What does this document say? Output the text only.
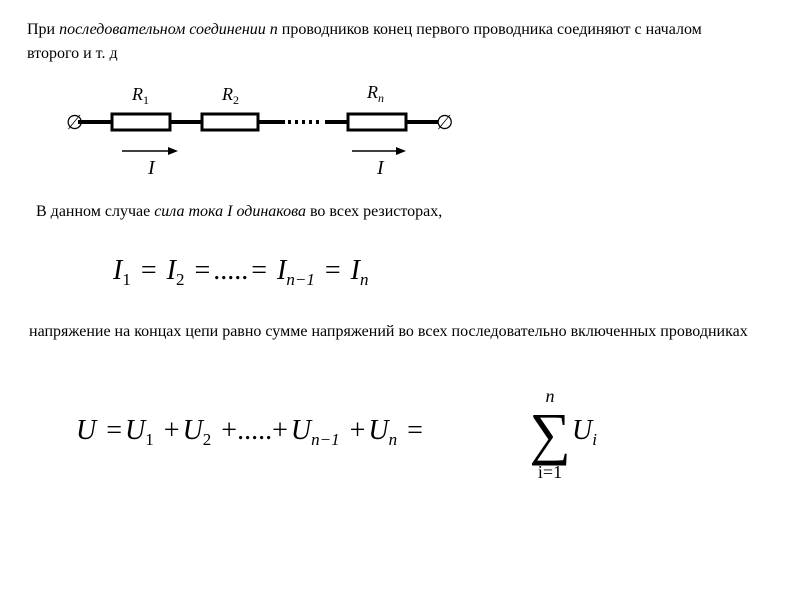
При последовательном соединении n проводников конец первого проводника соединяют с началом второго и т. д
∅	∅
$R_1$	$R_2$	$R_n$
I	I
В данном случае сила тока I одинакова во всех резисторах,
$I_1 = I_2$ = ..... = $I_{n-1} = I_n$
напряжение на концах цепи равно сумме напряжений во всех последовательно включенных проводниках
$U = U_1 + U_2$ +.....+ $U_{n-1} + U_n$ =
n
∑
i=1
$U_i$
